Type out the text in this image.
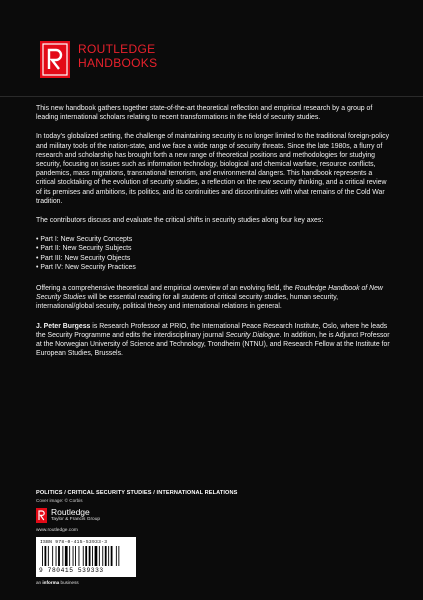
ROUTLEDGE
HANDBOOKS

This new handbook gathers together state-of-the-art theoretical reflection and empirical research by a group of leading international scholars relating to recent transformations in the field of security studies.

In today’s globalized setting, the challenge of maintaining security is no longer limited to the traditional foreign-policy and military tools of the nation-state, and we face a wide range of security threats. Since the late 1980s, a flurry of research and scholarship has brought forth a new range of theoretical positions and methodologies for studying security, focusing on issues such as information technology, biological and chemical warfare, resource conflicts, pandemics, mass migrations, transnational terrorism, and environmental dangers. This handbook represents a critical stocktaking of the evolution of security studies, a reflection on the new security thinking, and a critical review of its premises and ambitions, its politics, and its continuities and discontinuities with what remains of the Cold War tradition.

The contributors discuss and evaluate the critical shifts in security studies along four key axes:

• Part I: New Security Concepts
• Part II: New Security Subjects
• Part III: New Security Objects
• Part IV: New Security Practices

Offering a comprehensive theoretical and empirical overview of an evolving field, the Routledge Handbook of New Security Studies will be essential reading for all students of critical security studies, human security, international/global security, political theory and international relations in general.

J. Peter Burgess is Research Professor at PRIO, the International Peace Research Institute, Oslo, where he leads the Security Programme and edits the interdisciplinary journal Security Dialogue. In addition, he is Adjunct Professor at the Norwegian University of Science and Technology, Trondheim (NTNU), and Research Fellow at the Institute for European Studies, Brussels.

POLITICS / CRITICAL SECURITY STUDIES / INTERNATIONAL RELATIONS
Cover image: © Corbis
Routledge
Taylor & Francis Group
www.routledge.com
ISBN 978-0-415-53933-3
9 780415 539333
an informa business
